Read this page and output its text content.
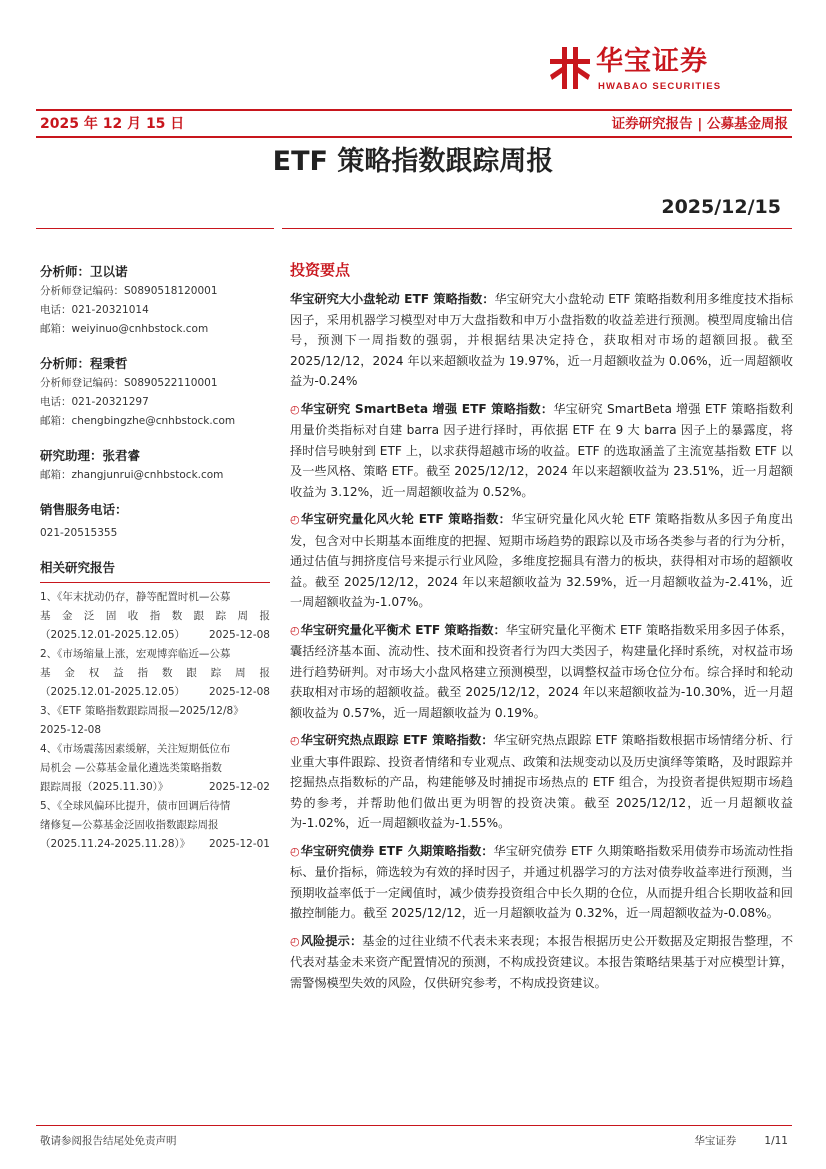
华宝证券
HWABAO SECURITIES
2025 年 12 月 15 日	证券研究报告 | 公募基金周报
ETF 策略指数跟踪周报
2025/12/15
分析师：卫以诺
分析师登记编码：S0890518120001
电话：021-20321014
邮箱：weiyinuo@cnhbstock.com
分析师：程秉哲
分析师登记编码：S0890522110001
电话：021-20321297
邮箱：chengbingzhe@cnhbstock.com
研究助理：张君睿
邮箱：zhangjunrui@cnhbstock.com
销售服务电话：
021-20515355
相关研究报告
1、《年末扰动仍存，静等配置时机—公募
基金泛固收指数跟踪周报
（2025.12.01-2025.12.05） 2025-12-08
2、《市场缩量上涨，宏观博弈临近—公募
基金权益指数跟踪周报
（2025.12.01-2025.12.05） 2025-12-08
3、《ETF 策略指数跟踪周报—2025/12/8》
2025-12-08
4、《市场震荡因素缓解，关注短期低位布
局机会 —公募基金量化遴选类策略指数
跟踪周报（2025.11.30）》	2025-12-02
5、《全球风偏环比提升，债市回调后待情
绪修复—公募基金泛固收指数跟踪周报
（2025.11.24-2025.11.28）》 2025-12-01
投资要点
华宝研究大小盘轮动 ETF 策略指数：华宝研究大小盘轮动 ETF 策略指数利用多维度技术指标因子，采用机器学习模型对申万大盘指数和申万小盘指数的收益差进行预测。模型周度输出信号，预测下一周指数的强弱，并根据结果决定持仓，获取相对市场的超额回报。截至 2025/12/12，2024 年以来超额收益为 19.97%，近一月超额收益为 0.06%，近一周超额收益为-0.24%
◴华宝研究 SmartBeta 增强 ETF 策略指数：华宝研究 SmartBeta 增强 ETF 策略指数利用量价类指标对自建 barra 因子进行择时，再依据 ETF 在 9 大 barra 因子上的暴露度，将择时信号映射到 ETF 上，以求获得超越市场的收益。ETF 的选取涵盖了主流宽基指数 ETF 以及一些风格、策略 ETF。截至 2025/12/12，2024 年以来超额收益为 23.51%，近一月超额收益为 3.12%，近一周超额收益为 0.52%。
◴华宝研究量化风火轮 ETF 策略指数：华宝研究量化风火轮 ETF 策略指数从多因子角度出发，包含对中长期基本面维度的把握、短期市场趋势的跟踪以及市场各类参与者的行为分析，通过估值与拥挤度信号来提示行业风险，多维度挖掘具有潜力的板块，获得相对市场的超额收益。截至 2025/12/12，2024 年以来超额收益为 32.59%，近一月超额收益为-2.41%，近一周超额收益为-1.07%。
◴华宝研究量化平衡术 ETF 策略指数：华宝研究量化平衡术 ETF 策略指数采用多因子体系，囊括经济基本面、流动性、技术面和投资者行为四大类因子，构建量化择时系统，对权益市场进行趋势研判。对市场大小盘风格建立预测模型，以调整权益市场仓位分布。综合择时和轮动获取相对市场的超额收益。截至 2025/12/12，2024 年以来超额收益为-10.30%，近一月超额收益为 0.57%，近一周超额收益为 0.19%。
◴华宝研究热点跟踪 ETF 策略指数：华宝研究热点跟踪 ETF 策略指数根据市场情绪分析、行业重大事件跟踪、投资者情绪和专业观点、政策和法规变动以及历史演绎等策略，及时跟踪并挖掘热点指数标的产品，构建能够及时捕捉市场热点的 ETF 组合，为投资者提供短期市场趋势的参考，并帮助他们做出更为明智的投资决策。截至 2025/12/12，近一月超额收益为-1.02%，近一周超额收益为-1.55%。
◴华宝研究债券 ETF 久期策略指数：华宝研究债券 ETF 久期策略指数采用债券市场流动性指标、量价指标，筛选较为有效的择时因子，并通过机器学习的方法对债券收益率进行预测，当预期收益率低于一定阈值时，减少债券投资组合中长久期的仓位，从而提升组合长期收益和回撤控制能力。截至 2025/12/12，近一月超额收益为 0.32%，近一周超额收益为-0.08%。
◴风险提示：基金的过往业绩不代表未来表现；本报告根据历史公开数据及定期报告整理，不代表对基金未来资产配置情况的预测，不构成投资建议。本报告策略结果基于对应模型计算，需警惕模型失效的风险，仅供研究参考，不构成投资建议。
敬请参阅报告结尾处免责声明	华宝证券	1/11
